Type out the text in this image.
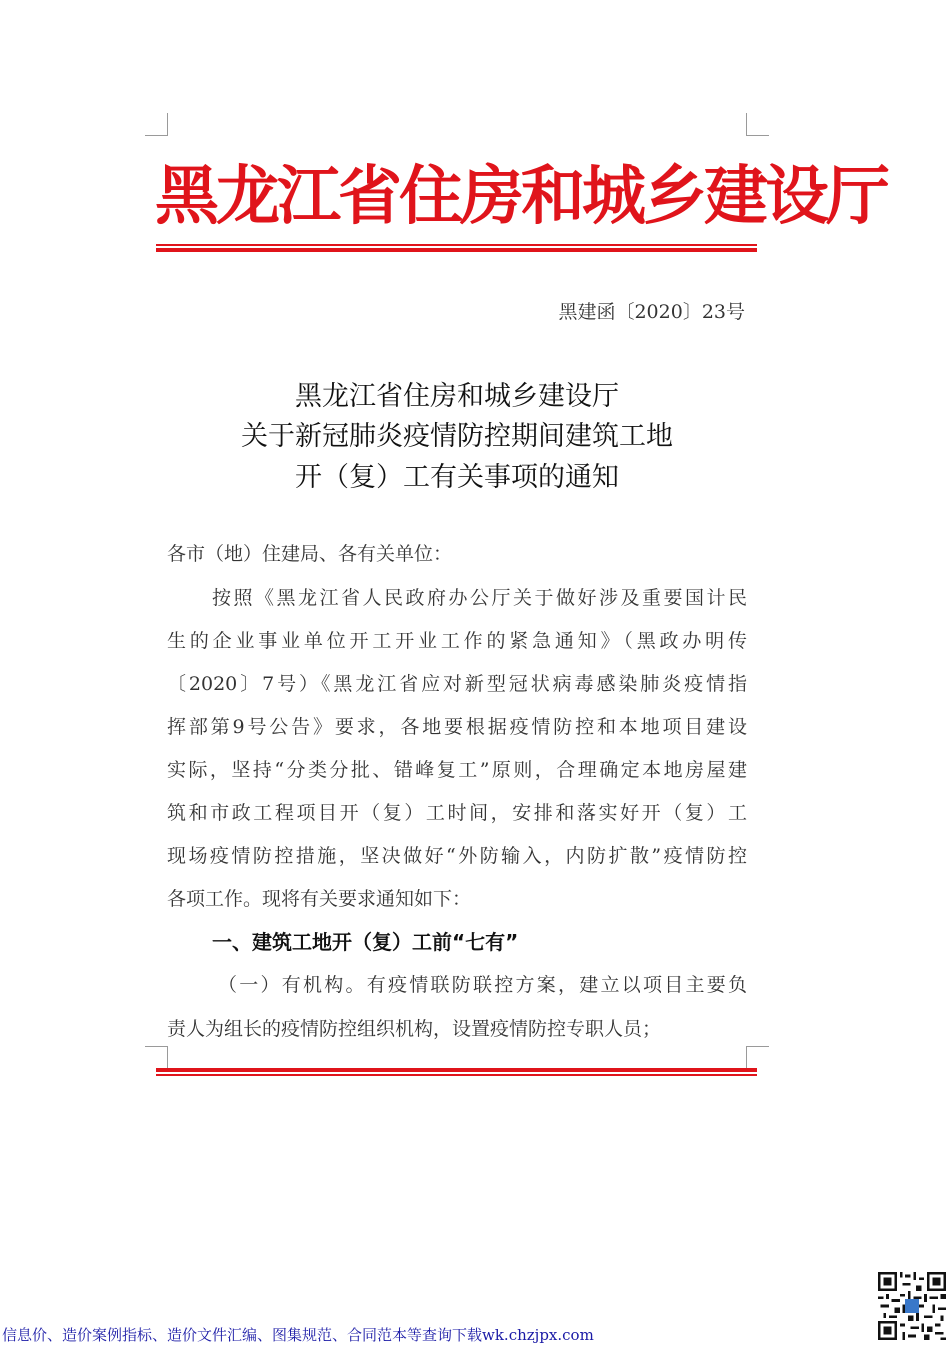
黑龙江省住房和城乡建设厅
黑建函〔2020〕23号
黑龙江省住房和城乡建设厅
关于新冠肺炎疫情防控期间建筑工地
开（复）工有关事项的通知
各市（地）住建局、各有关单位：
按照《黑龙江省人民政府办公厅关于做好涉及重要国计民
生的企业事业单位开工开业工作的紧急通知》（黑政办明传
〔2020〕7号）《黑龙江省应对新型冠状病毒感染肺炎疫情指
挥部第9号公告》要求，各地要根据疫情防控和本地项目建设
实际，坚持“分类分批、错峰复工”原则，合理确定本地房屋建
筑和市政工程项目开（复）工时间，安排和落实好开（复）工
现场疫情防控措施，坚决做好“外防输入，内防扩散”疫情防控
各项工作。现将有关要求通知如下：
一、建筑工地开（复）工前“七有”
（一）有机构。有疫情联防联控方案，建立以项目主要负
责人为组长的疫情防控组织机构，设置疫情防控专职人员；
信息价、造价案例指标、造价文件汇编、图集规范、合同范本等查询下载wk.chzjpx.com
